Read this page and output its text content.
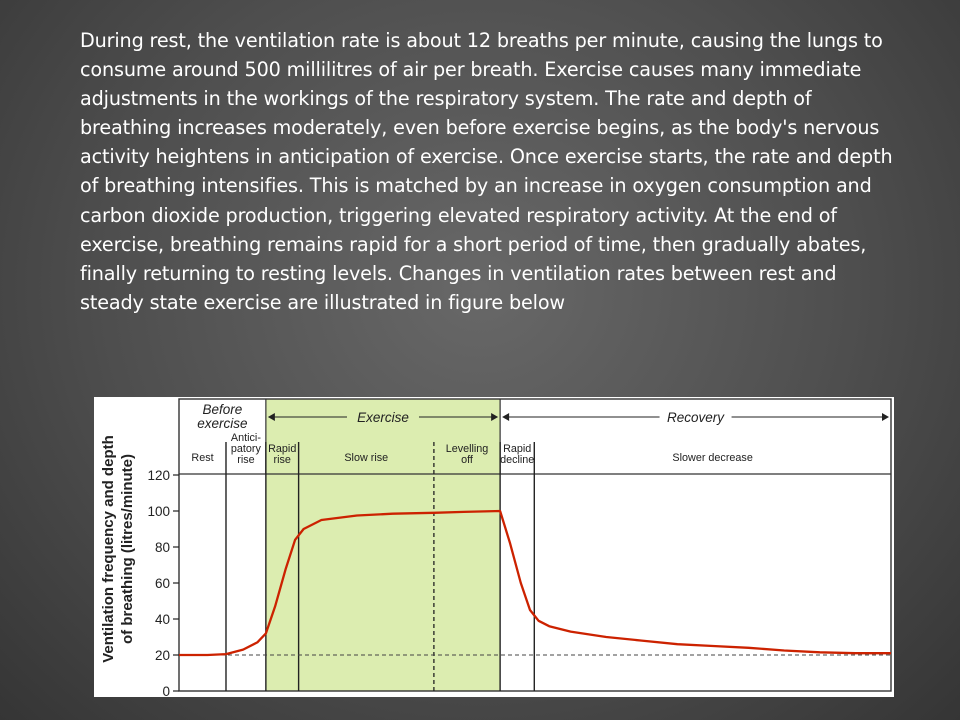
During rest, the ventilation rate is about 12 breaths per minute, causing the lungs to consume around 500 millilitres of air per breath. Exercise causes many immediate adjustments in the workings of the respiratory system. The rate and depth of breathing increases moderately, even before exercise begins, as the body's nervous activity heightens in anticipation of exercise. Once exercise starts, the rate and depth of breathing intensifies. This is matched by an increase in oxygen consumption and carbon dioxide production, triggering elevated respiratory activity. At the end of exercise, breathing remains rapid for a short period of time, then gradually abates, finally returning to resting levels. Changes in ventilation rates between rest and steady state exercise are illustrated in figure below

0
20
40
60
80
100
120
Before
exercise	Exercise	Recovery
Rest
Antici-
patory
rise
Rapid
rise	Slow rise
Levelling
off
Rapid
decline	Slower decrease
Ventilation frequency and depth of breathing (litres/minute)
